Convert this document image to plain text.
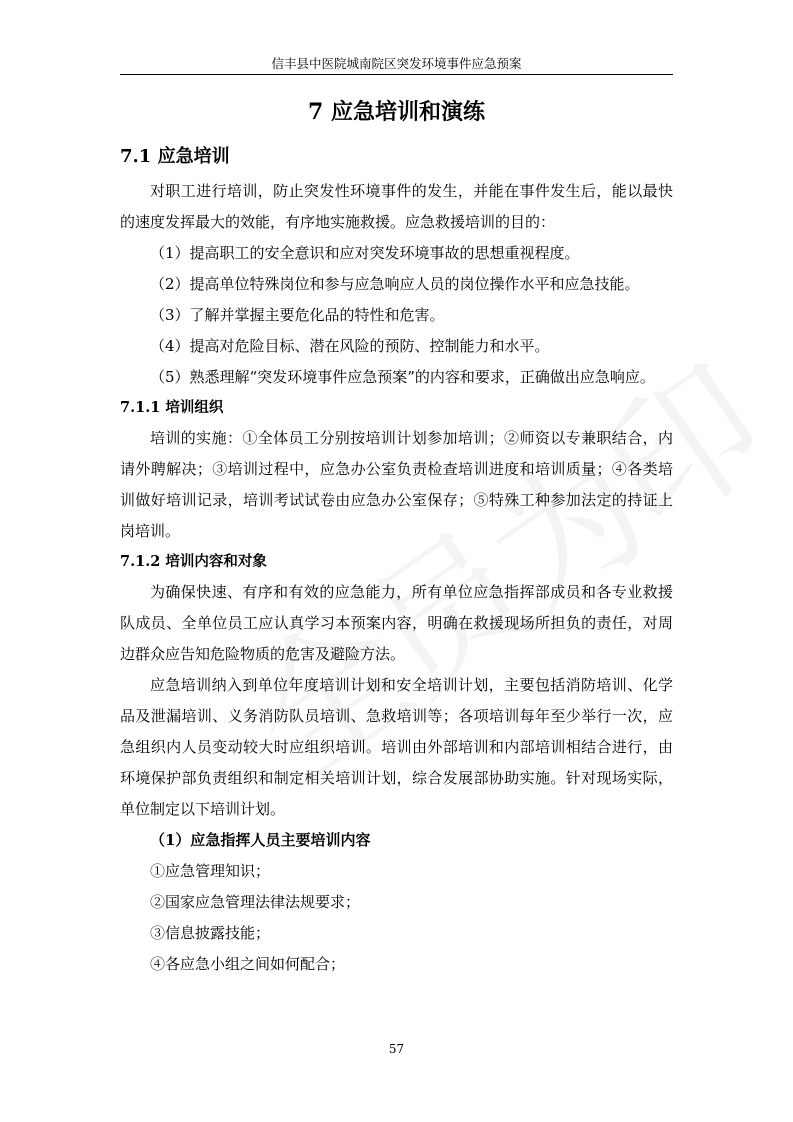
信丰县中医院城南院区突发环境事件应急预案
7 应急培训和演练
7.1 应急培训

对职工进行培训，防止突发性环境事件的发生，并能在事件发生后，能以最快的速度发挥最大的效能，有序地实施救援。应急救援培训的目的：

（1）提高职工的安全意识和应对突发环境事故的思想重视程度。

（2）提高单位特殊岗位和参与应急响应人员的岗位操作水平和应急技能。

（3）了解并掌握主要危化品的特性和危害。

（4）提高对危险目标、潜在风险的预防、控制能力和水平。

（5）熟悉理解“突发环境事件应急预案”的内容和要求，正确做出应急响应。

7.1.1 培训组织

培训的实施：①全体员工分别按培训计划参加培训；②师资以专兼职结合，内请外聘解决；③培训过程中，应急办公室负责检查培训进度和培训质量；④各类培训做好培训记录，培训考试试卷由应急办公室保存；⑤特殊工种参加法定的持证上岗培训。

7.1.2 培训内容和对象

为确保快速、有序和有效的应急能力，所有单位应急指挥部成员和各专业救援队成员、全单位员工应认真学习本预案内容，明确在救援现场所担负的责任，对周边群众应告知危险物质的危害及避险方法。

应急培训纳入到单位年度培训计划和安全培训计划，主要包括消防培训、化学品及泄漏培训、义务消防队员培训、急救培训等；各项培训每年至少举行一次，应急组织内人员变动较大时应组织培训。培训由外部培训和内部培训相结合进行，由环境保护部负责组织和制定相关培训计划，综合发展部协助实施。针对现场实际，单位制定以下培训计划。

（1）应急指挥人员主要培训内容

①应急管理知识；

②国家应急管理法律法规要求；

③信息披露技能；

④各应急小组之间如何配合；

57
